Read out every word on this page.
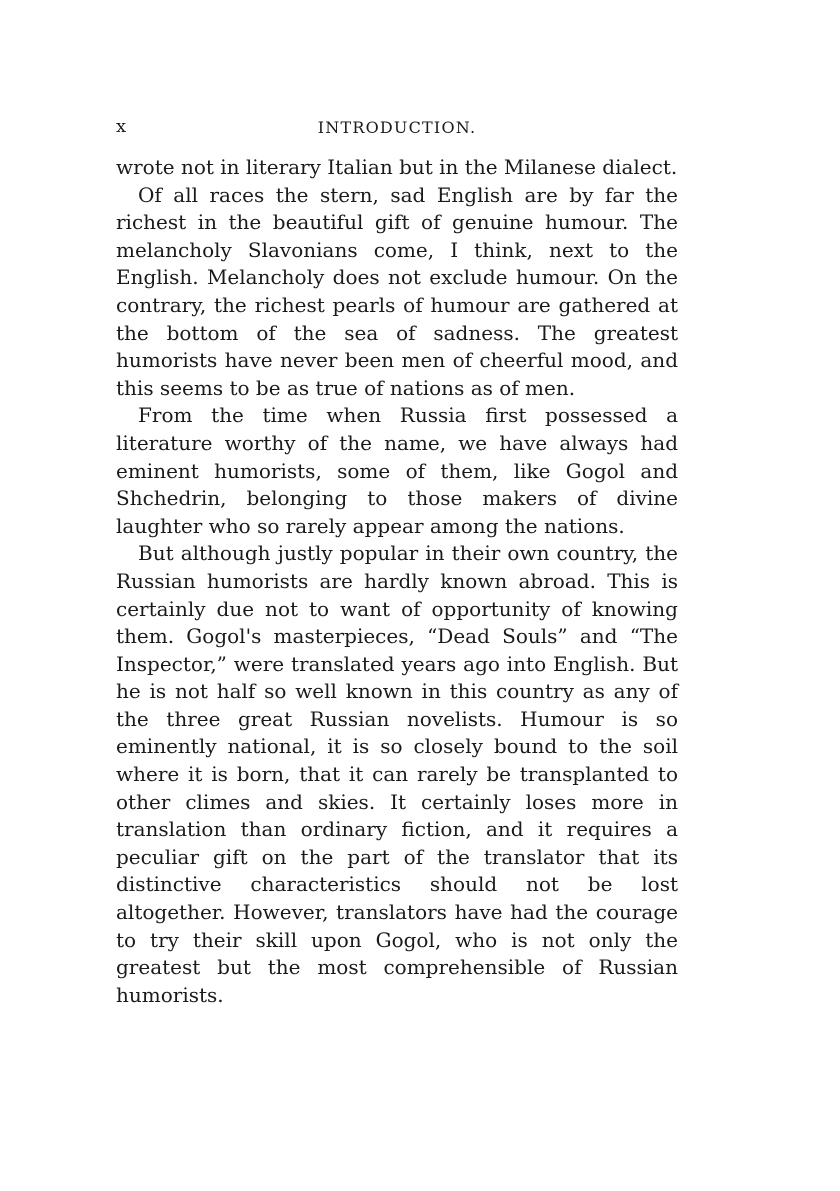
x	INTRODUCTION.

wrote not in literary Italian but in the Milanese dialect.

Of all races the stern, sad English are by far the richest in the beautiful gift of genuine humour. The melancholy Slavonians come, I think, next to the English. Melancholy does not exclude humour. On the contrary, the richest pearls of humour are gathered at the bottom of the sea of sadness. The greatest humorists have never been men of cheerful mood, and this seems to be as true of nations as of men.

From the time when Russia first possessed a literature worthy of the name, we have always had eminent humorists, some of them, like Gogol and Shchedrin, belonging to those makers of divine laughter who so rarely appear among the nations.

But although justly popular in their own country, the Russian humorists are hardly known abroad. This is certainly due not to want of opportunity of knowing them. Gogol's masterpieces, “Dead Souls” and “The Inspector,” were translated years ago into English. But he is not half so well known in this country as any of the three great Russian novelists. Humour is so eminently national, it is so closely bound to the soil where it is born, that it can rarely be transplanted to other climes and skies. It certainly loses more in translation than ordinary fiction, and it requires a peculiar gift on the part of the translator that its distinctive characteristics should not be lost altogether. However, translators have had the courage to try their skill upon Gogol, who is not only the greatest but the most comprehensible of Russian humorists.
